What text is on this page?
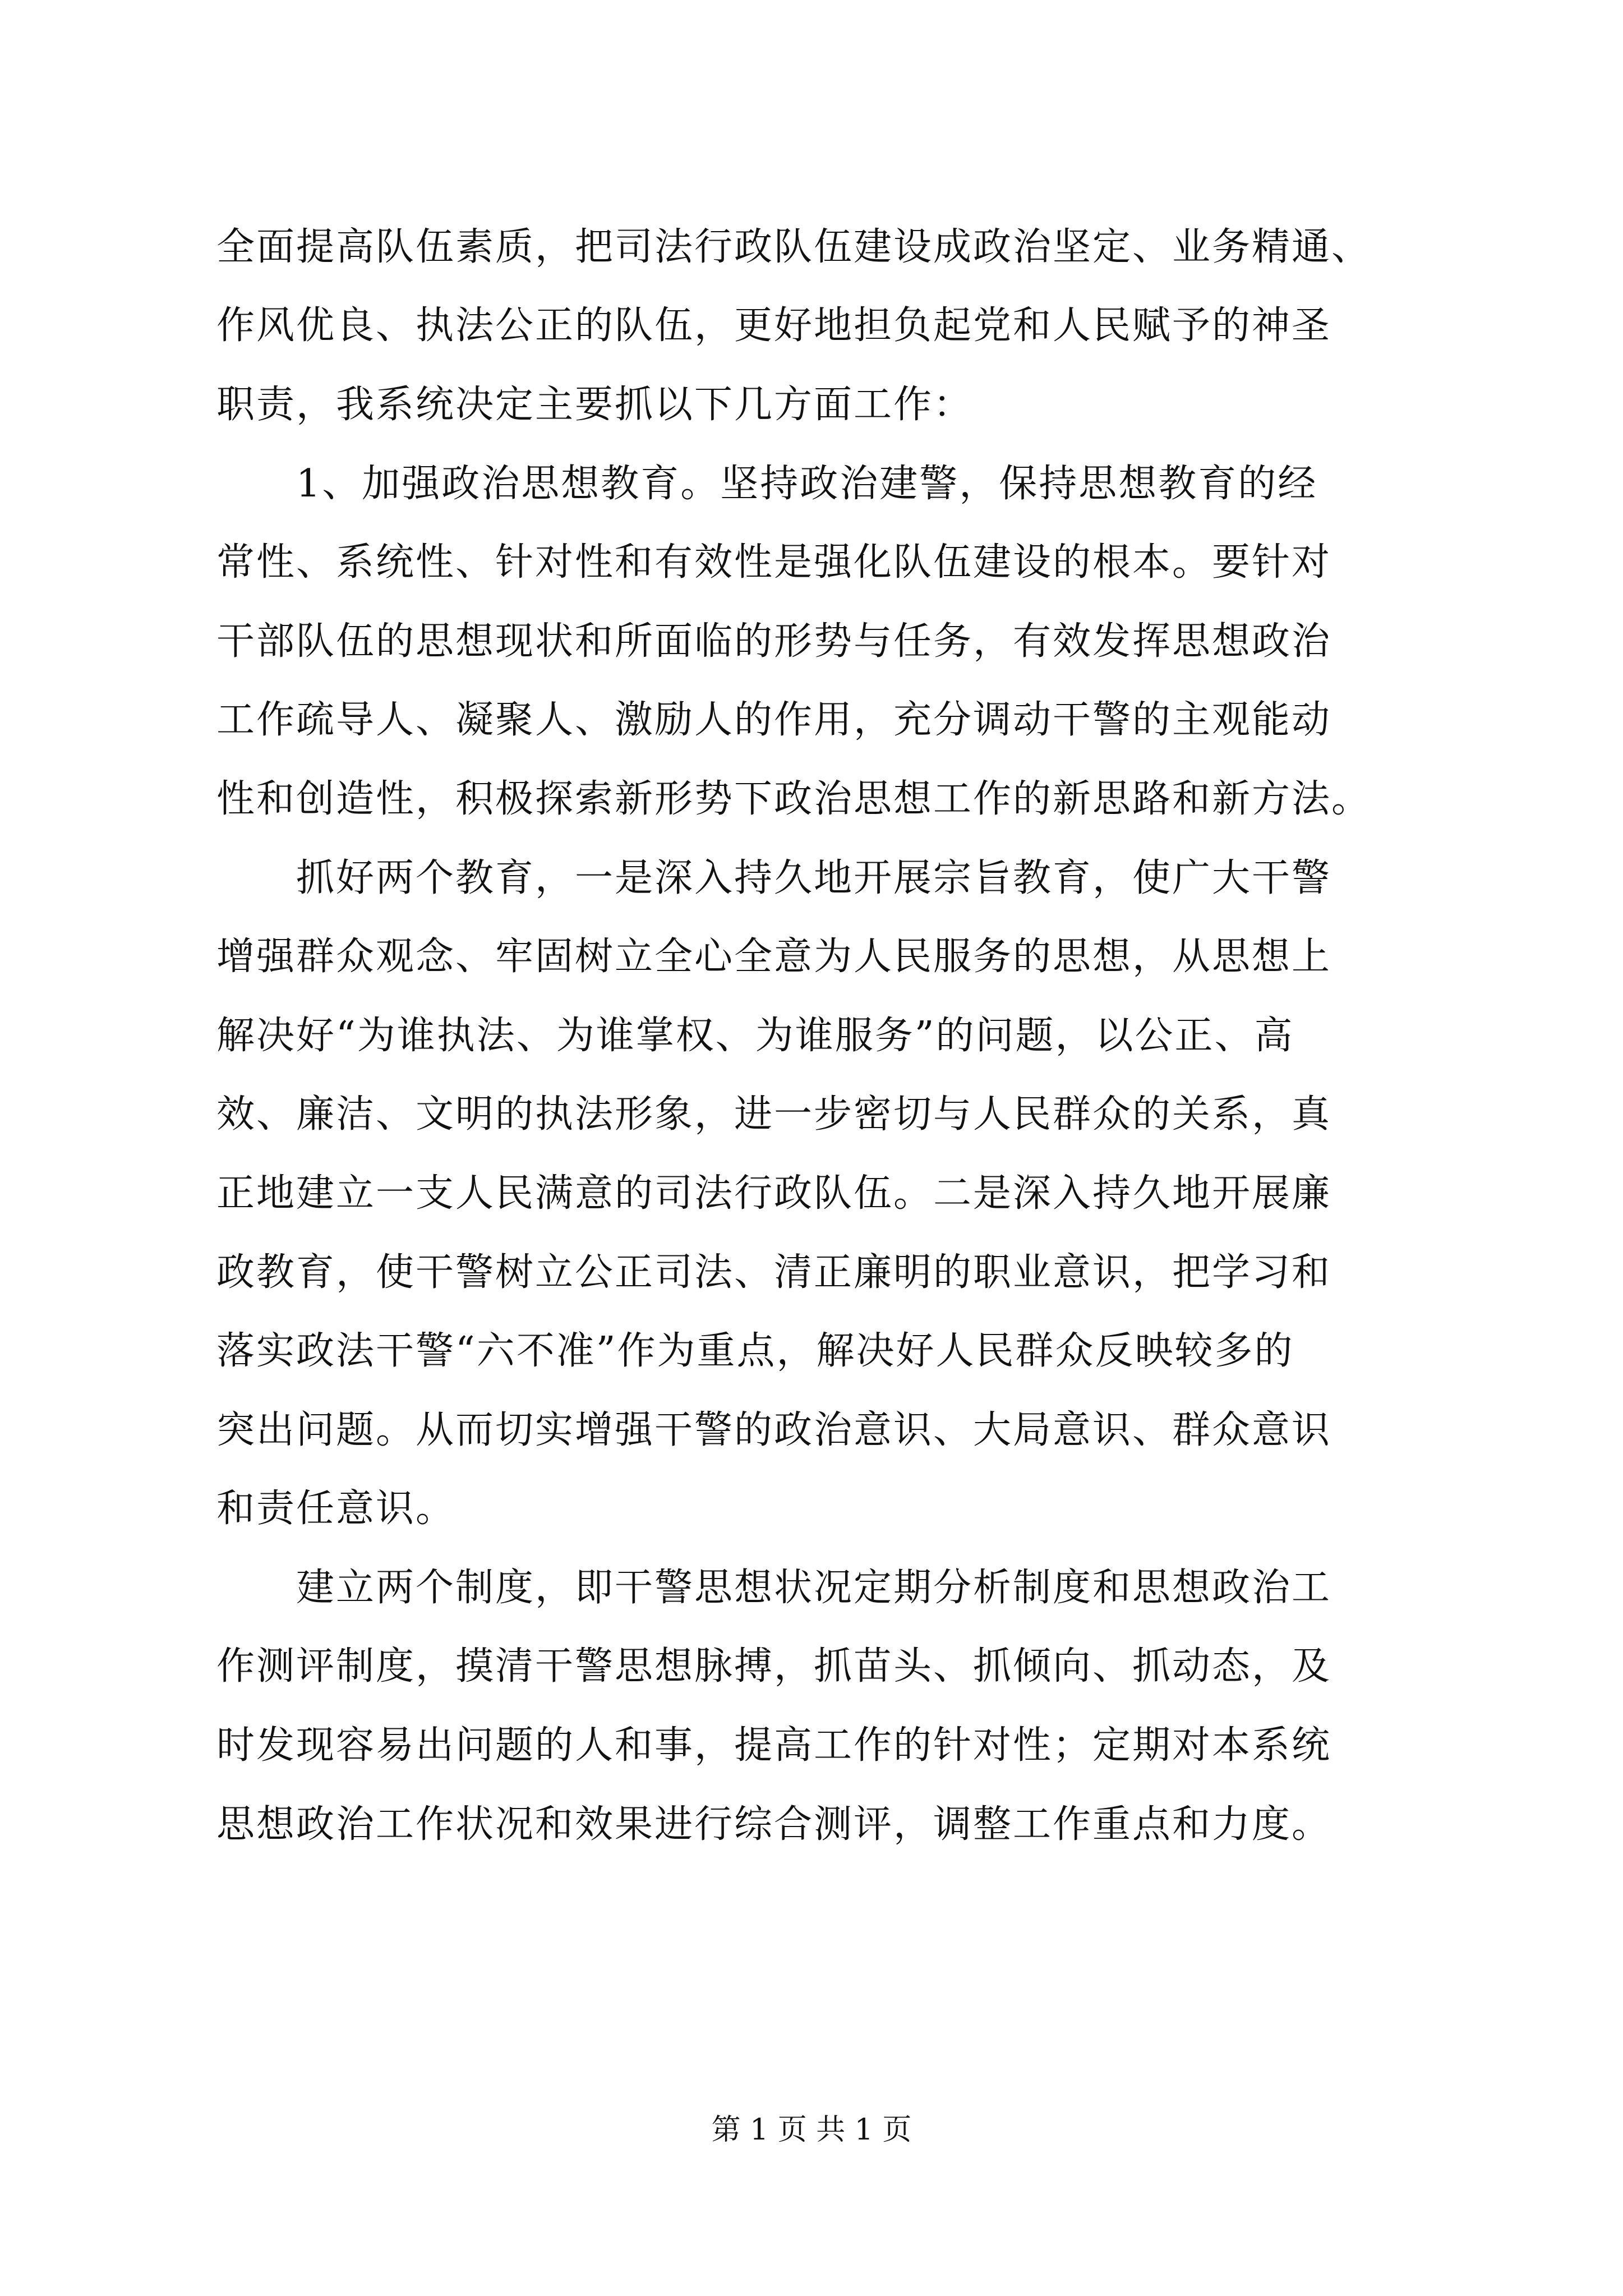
全面提高队伍素质，把司法行政队伍建设成政治坚定、业务精通、
作风优良、执法公正的队伍，更好地担负起党和人民赋予的神圣
职责，我系统决定主要抓以下几方面工作：
　　1、加强政治思想教育。坚持政治建警，保持思想教育的经
常性、系统性、针对性和有效性是强化队伍建设的根本。要针对
干部队伍的思想现状和所面临的形势与任务，有效发挥思想政治
工作疏导人、凝聚人、激励人的作用，充分调动干警的主观能动
性和创造性，积极探索新形势下政治思想工作的新思路和新方法。
　　抓好两个教育，一是深入持久地开展宗旨教育，使广大干警
增强群众观念、牢固树立全心全意为人民服务的思想，从思想上
解决好“为谁执法、为谁掌权、为谁服务”的问题，以公正、高
效、廉洁、文明的执法形象，进一步密切与人民群众的关系，真
正地建立一支人民满意的司法行政队伍。二是深入持久地开展廉
政教育，使干警树立公正司法、清正廉明的职业意识，把学习和
落实政法干警“六不准”作为重点，解决好人民群众反映较多的
突出问题。从而切实增强干警的政治意识、大局意识、群众意识
和责任意识。
　　建立两个制度，即干警思想状况定期分析制度和思想政治工
作测评制度，摸清干警思想脉搏，抓苗头、抓倾向、抓动态，及
时发现容易出问题的人和事，提高工作的针对性；定期对本系统
思想政治工作状况和效果进行综合测评，调整工作重点和力度。
第 1 页 共 1 页
